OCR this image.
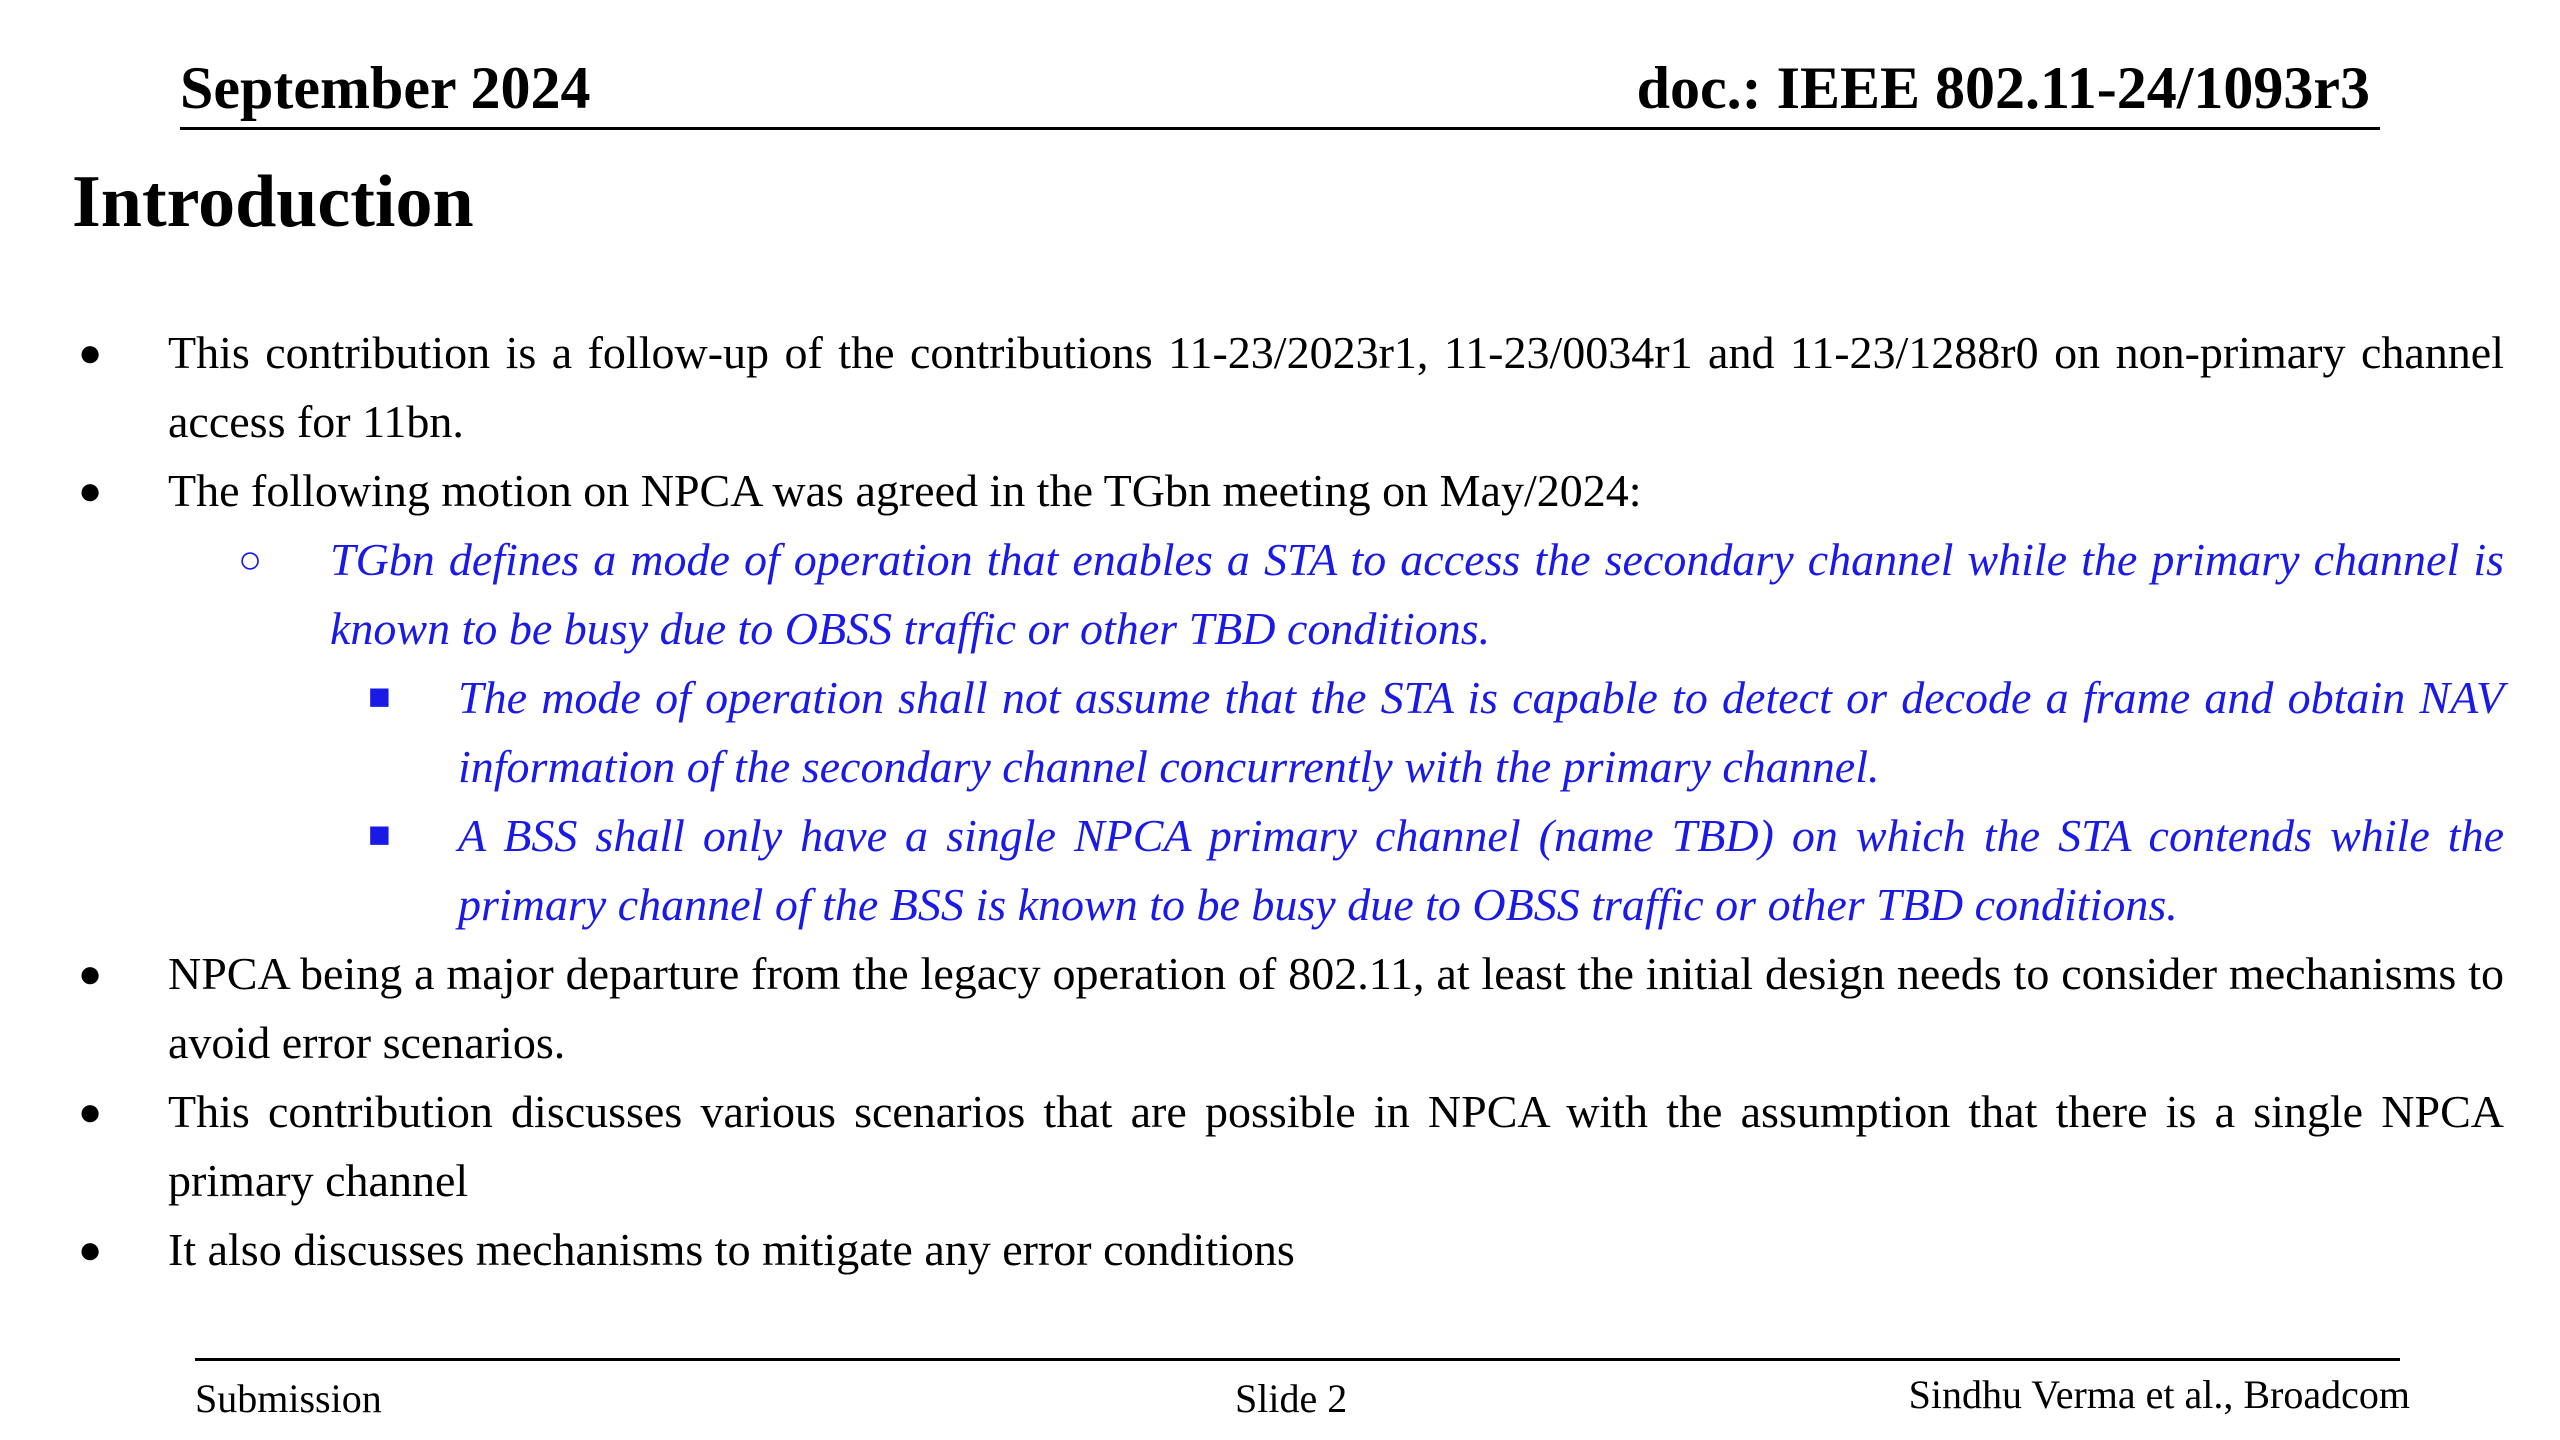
September 2024	doc.: IEEE 802.11-24/1093r3
Introduction
● This contribution is a follow-up of the contributions 11-23/2023r1, 11-23/0034r1 and 11-23/1288r0 on non-primary channel access for 11bn.
● The following motion on NPCA was agreed in the TGbn meeting on May/2024:
○ TGbn defines a mode of operation that enables a STA to access the secondary channel while the primary channel is known to be busy due to OBSS traffic or other TBD conditions.
■ The mode of operation shall not assume that the STA is capable to detect or decode a frame and obtain NAV information of the secondary channel concurrently with the primary channel.
■ A BSS shall only have a single NPCA primary channel (name TBD) on which the STA contends while the primary channel of the BSS is known to be busy due to OBSS traffic or other TBD conditions.
● NPCA being a major departure from the legacy operation of 802.11, at least the initial design needs to consider mechanisms to avoid error scenarios.
● This contribution discusses various scenarios that are possible in NPCA with the assumption that there is a single NPCA primary channel
● It also discusses mechanisms to mitigate any error conditions
Submission	Slide 2	Sindhu Verma et al., Broadcom
